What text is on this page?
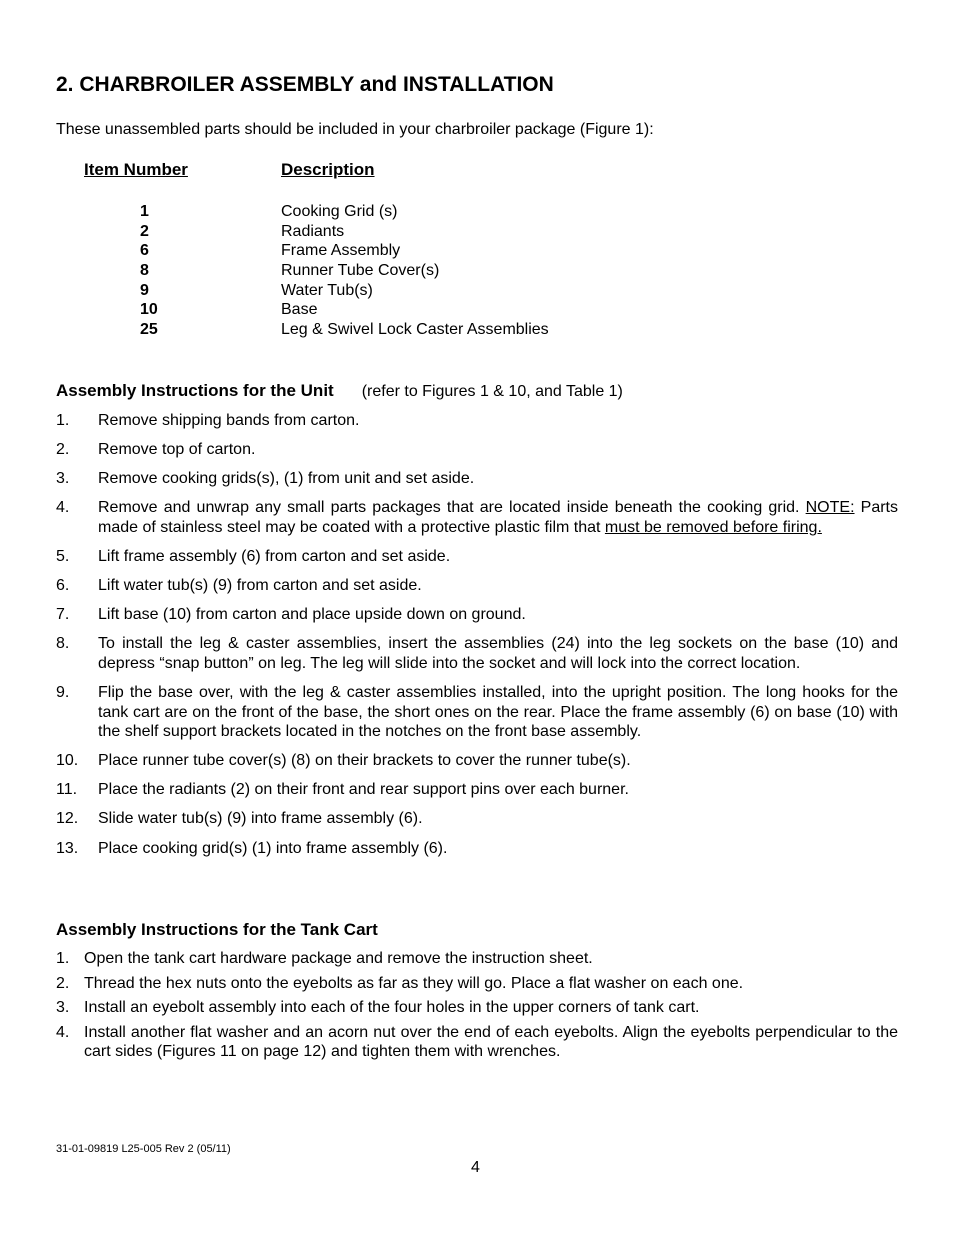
2. CHARBROILER ASSEMBLY and INSTALLATION
These unassembled parts should be included in your charbroiler package (Figure 1):
Item Number	Description
1	Cooking Grid (s)
2	Radiants
6	Frame Assembly
8	Runner Tube Cover(s)
9	Water Tub(s)
10	Base
25	Leg & Swivel Lock Caster Assemblies
Assembly Instructions for the Unit (refer to Figures 1 & 10, and Table 1)
1. Remove shipping bands from carton.
2. Remove top of carton.
3. Remove cooking grids(s), (1) from unit and set aside.
4. Remove and unwrap any small parts packages that are located inside beneath the cooking grid. NOTE: Parts made of stainless steel may be coated with a protective plastic film that must be removed before firing.
5. Lift frame assembly (6) from carton and set aside.
6. Lift water tub(s) (9) from carton and set aside.
7. Lift base (10) from carton and place upside down on ground.
8. To install the leg & caster assemblies, insert the assemblies (24) into the leg sockets on the base (10) and depress “snap button” on leg. The leg will slide into the socket and will lock into the correct location.
9. Flip the base over, with the leg & caster assemblies installed, into the upright position. The long hooks for the tank cart are on the front of the base, the short ones on the rear. Place the frame assembly (6) on base (10) with the shelf support brackets located in the notches on the front base assembly.
10. Place runner tube cover(s) (8) on their brackets to cover the runner tube(s).
11. Place the radiants (2) on their front and rear support pins over each burner.
12. Slide water tub(s) (9) into frame assembly (6).
13. Place cooking grid(s) (1) into frame assembly (6).
Assembly Instructions for the Tank Cart
1. Open the tank cart hardware package and remove the instruction sheet.
2. Thread the hex nuts onto the eyebolts as far as they will go. Place a flat washer on each one.
3. Install an eyebolt assembly into each of the four holes in the upper corners of tank cart.
4. Install another flat washer and an acorn nut over the end of each eyebolts. Align the eyebolts perpendicular to the cart sides (Figures 11 on page 12) and tighten them with wrenches.
31-01-09819 L25-005 Rev 2 (05/11)
4
